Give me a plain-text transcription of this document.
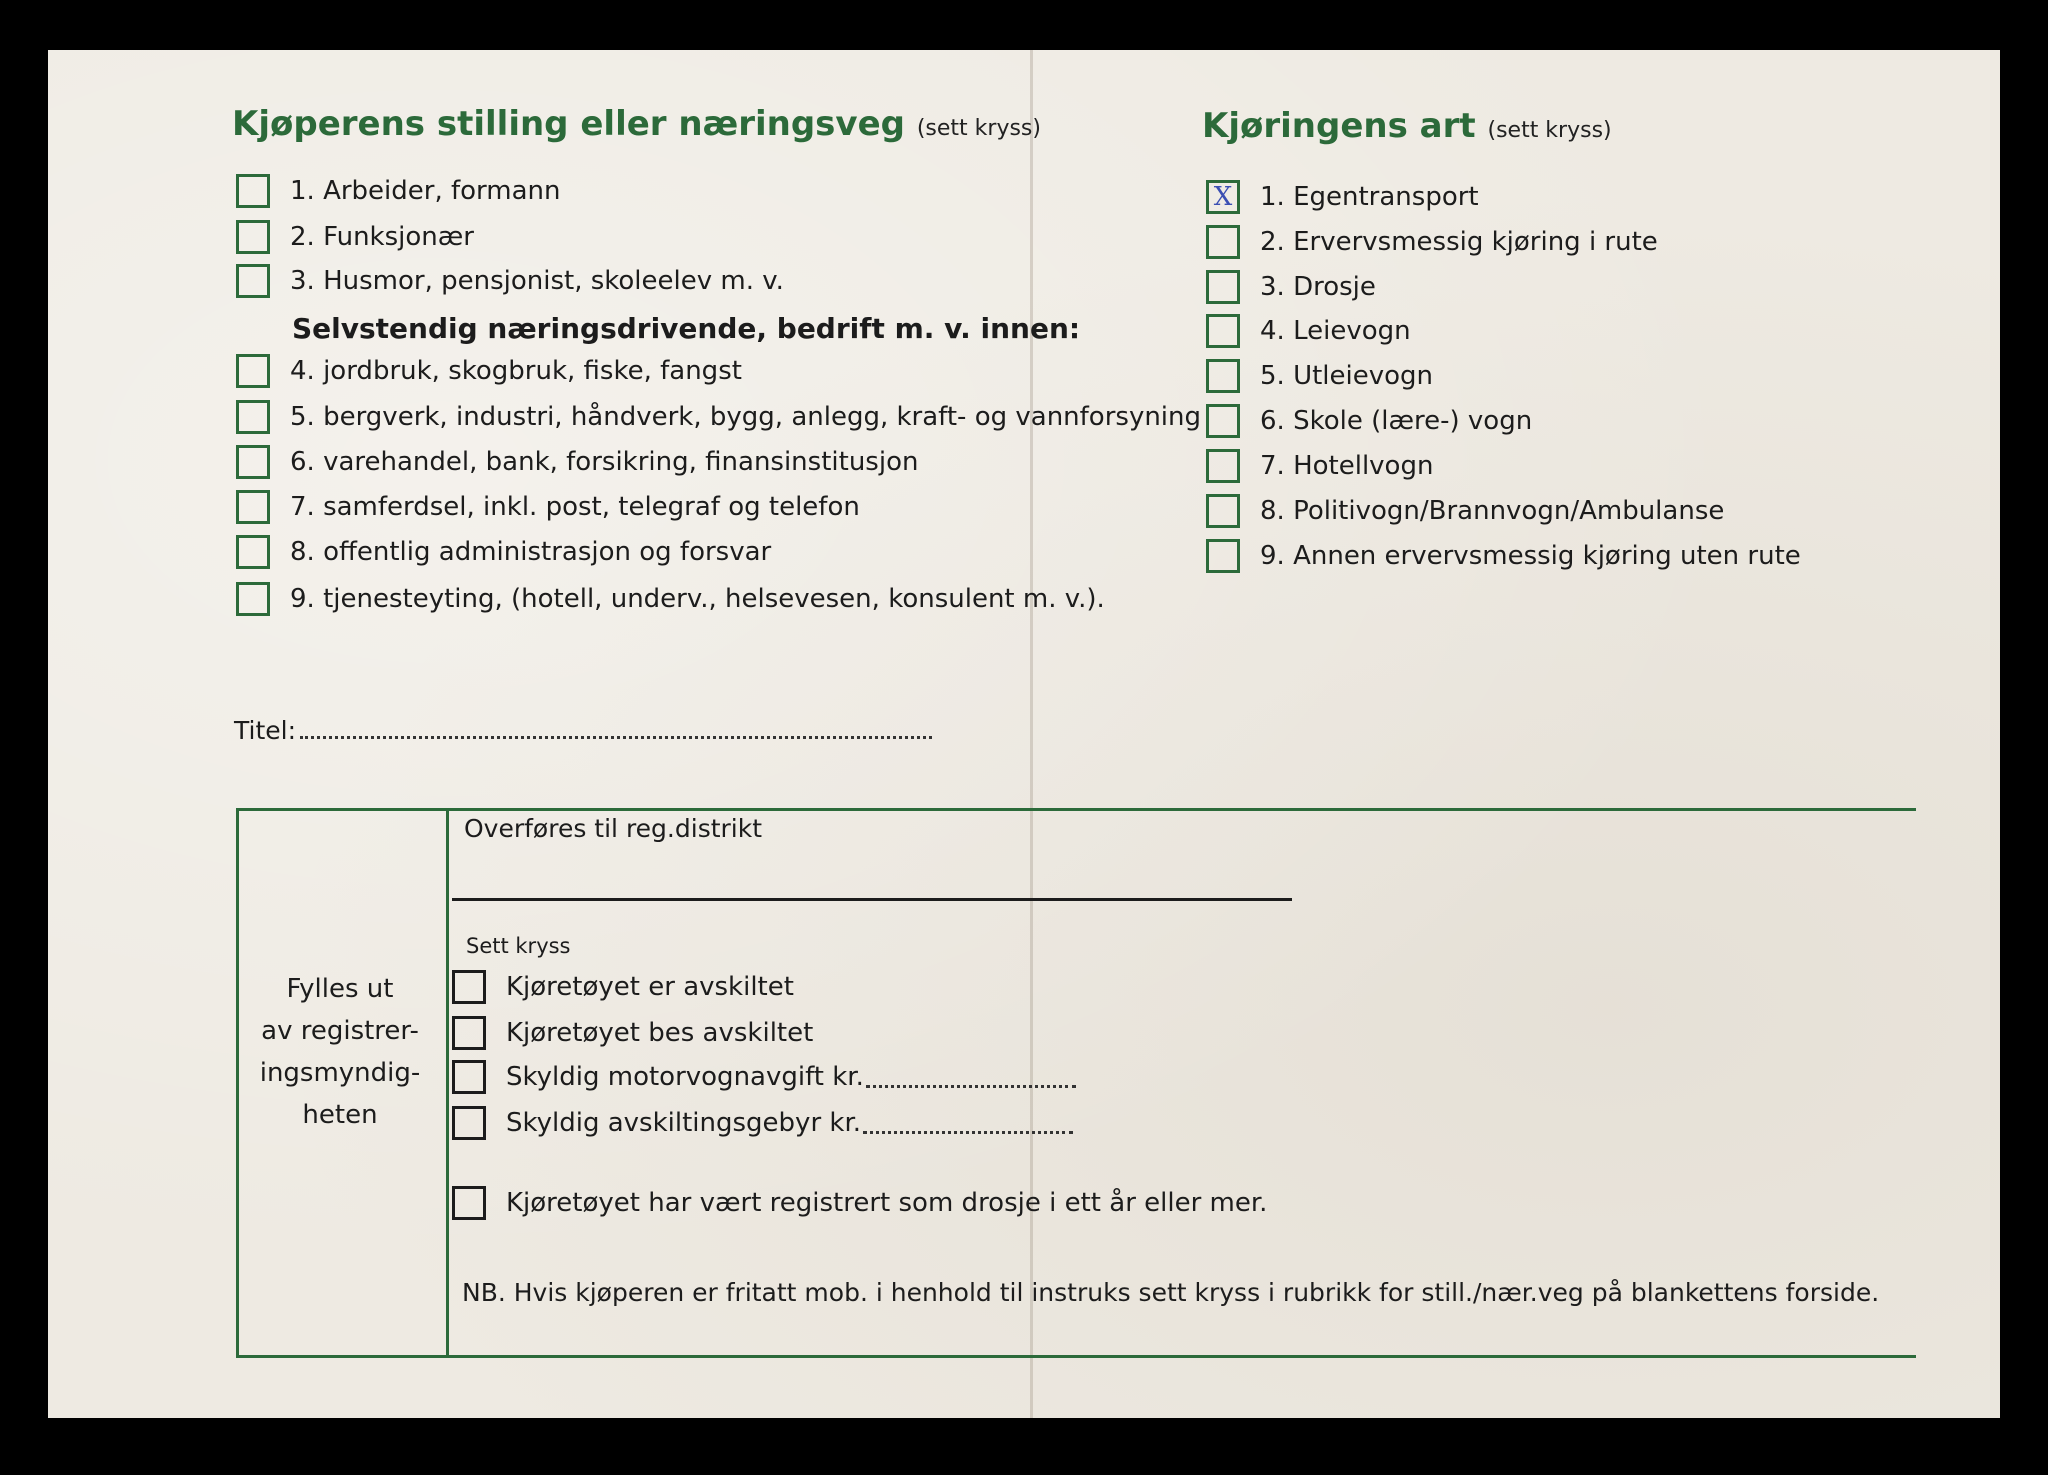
Kjøperens stilling eller næringsveg (sett kryss)
1. Arbeider, formann
2. Funksjonær
3. Husmor, pensjonist, skoleelev m. v.
Selvstendig næringsdrivende, bedrift m. v. innen:
4. jordbruk, skogbruk, fiske, fangst
5. bergverk, industri, håndverk, bygg, anlegg, kraft- og vannforsyning
6. varehandel, bank, forsikring, finansinstitusjon
7. samferdsel, inkl. post, telegraf og telefon
8. offentlig administrasjon og forsvar
9. tjenesteyting, (hotell, underv., helsevesen, konsulent m. v.).
Kjøringens art (sett kryss)
X 1. Egentransport
2. Ervervsmessig kjøring i rute
3. Drosje
4. Leievogn
5. Utleievogn
6. Skole (lære-) vogn
7. Hotellvogn
8. Politivogn/Brannvogn/Ambulanse
9. Annen ervervsmessig kjøring uten rute
Titel:
Fylles ut
av registrer-
ingsmyndig-
heten
Overføres til reg.distrikt
Sett kryss
Kjøretøyet er avskiltet
Kjøretøyet bes avskiltet
Skyldig motorvognavgift kr.
Skyldig avskiltingsgebyr kr.
Kjøretøyet har vært registrert som drosje i ett år eller mer.
NB. Hvis kjøperen er fritatt mob. i henhold til instruks sett kryss i rubrikk for still./nær.veg på blankettens forside.
